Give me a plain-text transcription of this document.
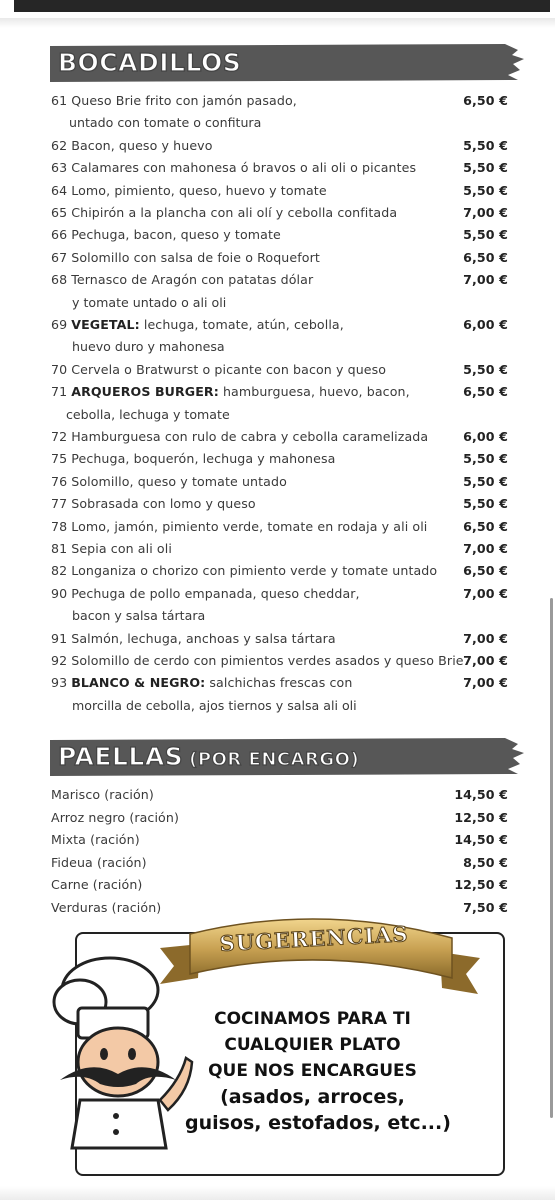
BOCADILLOS
61 Queso Brie frito con jamón pasado,	6,50 €
untado con tomate o confitura
62 Bacon, queso y huevo	5,50 €
63 Calamares con mahonesa ó bravos o ali oli o picantes	5,50 €
64 Lomo, pimiento, queso, huevo y tomate	5,50 €
65 Chipirón a la plancha con ali olí y cebolla confitada	7,00 €
66 Pechuga, bacon, queso y tomate	5,50 €
67 Solomillo con salsa de foie o Roquefort	6,50 €
68 Ternasco de Aragón con patatas dólar	7,00 €
y tomate untado o ali oli
69 VEGETAL: lechuga, tomate, atún, cebolla,	6,00 €
huevo duro y mahonesa
70 Cervela o Bratwurst o picante con bacon y queso	5,50 €
71 ARQUEROS BURGER: hamburguesa, huevo, bacon,	6,50 €
cebolla, lechuga y tomate
72 Hamburguesa con rulo de cabra y cebolla caramelizada	6,00 €
75 Pechuga, boquerón, lechuga y mahonesa	5,50 €
76 Solomillo, queso y tomate untado	5,50 €
77 Sobrasada con lomo y queso	5,50 €
78 Lomo, jamón, pimiento verde, tomate en rodaja y ali oli	6,50 €
81 Sepia con ali oli	7,00 €
82 Longaniza o chorizo con pimiento verde y tomate untado 6,50 €
90 Pechuga de pollo empanada, queso cheddar,	7,00 €
bacon y salsa tártara
91 Salmón, lechuga, anchoas y salsa tártara	7,00 €
92 Solomillo de cerdo con pimientos verdes asados y queso Brie 7,00 €
93 BLANCO & NEGRO: salchichas frescas con	7,00 €
morcilla de cebolla, ajos tiernos y salsa ali oli
PAELLAS (POR ENCARGO)
Marisco (ración)	14,50 €
Arroz negro (ración)	12,50 €
Mixta (ración)	14,50 €
Fideua (ración)	8,50 €
Carne (ración)	12,50 €
Verduras (ración)	7,50 €
SUGERENCIAS
COCINAMOS PARA TI
CUALQUIER PLATO
QUE NOS ENCARGUES
(asados, arroces,
guisos, estofados, etc...)
